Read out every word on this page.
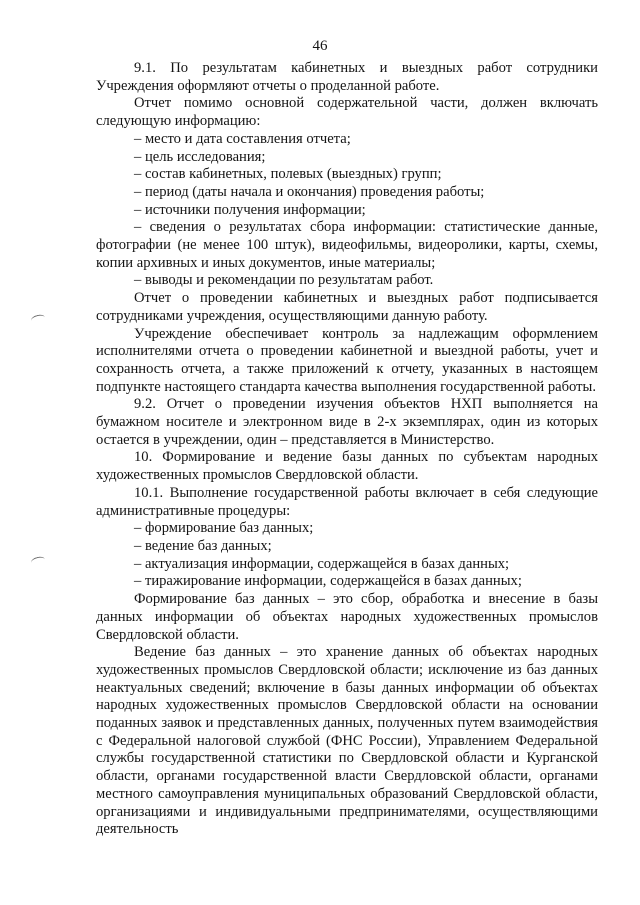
46

9.1. По результатам кабинетных и выездных работ сотрудники Учреждения оформляют отчеты о проделанной работе.

Отчет помимо основной содержательной части, должен включать следующую информацию:

– место и дата составления отчета;

– цель исследования;

– состав кабинетных, полевых (выездных) групп;

– период (даты начала и окончания) проведения работы;

– источники получения информации;

– сведения о результатах сбора информации: статистические данные, фотографии (не менее 100 штук), видеофильмы, видеоролики, карты, схемы, копии архивных и иных документов, иные материалы;

– выводы и рекомендации по результатам работ.

Отчет о проведении кабинетных и выездных работ подписывается сотрудниками учреждения, осуществляющими данную работу.

Учреждение обеспечивает контроль за надлежащим оформлением исполнителями отчета о проведении кабинетной и выездной работы, учет и сохранность отчета, а также приложений к отчету, указанных в настоящем подпункте настоящего стандарта качества выполнения государственной работы.

9.2. Отчет о проведении изучения объектов НХП выполняется на бумажном носителе и электронном виде в 2-х экземплярах, один из которых остается в учреждении, один – представляется в Министерство.

10. Формирование и ведение базы данных по субъектам народных художественных промыслов Свердловской области.

10.1. Выполнение государственной работы включает в себя следующие административные процедуры:

– формирование баз данных;

– ведение баз данных;

– актуализация информации, содержащейся в базах данных;

– тиражирование информации, содержащейся в базах данных;

Формирование баз данных – это сбор, обработка и внесение в базы данных информации об объектах народных художественных промыслов Свердловской области.

Ведение баз данных – это хранение данных об объектах народных художественных промыслов Свердловской области; исключение из баз данных неактуальных сведений; включение в базы данных информации об объектах народных художественных промыслов Свердловской области на основании поданных заявок и представленных данных, полученных путем взаимодействия с Федеральной налоговой службой (ФНС России), Управлением Федеральной службы государственной статистики по Свердловской области и Курганской области, органами государственной власти Свердловской области, органами местного самоуправления муниципальных образований Свердловской области, организациями и индивидуальными предпринимателями, осуществляющими деятельность
